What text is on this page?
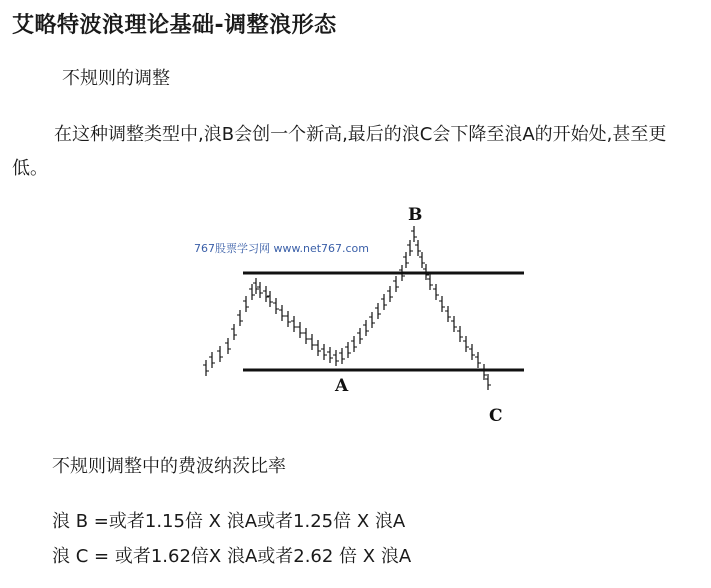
艾略特波浪理论基础-调整浪形态
不规则的调整
在这种调整类型中,浪B会创一个新高,最后的浪C会下降至浪A的开始处,甚至更低。
767股票学习网 www.net767.com
B
A
C
不规则调整中的费波纳茨比率
浪 B =或者1.15倍 X 浪A或者1.25倍 X 浪A
浪 C = 或者1.62倍X 浪A或者2.62 倍 X 浪A
